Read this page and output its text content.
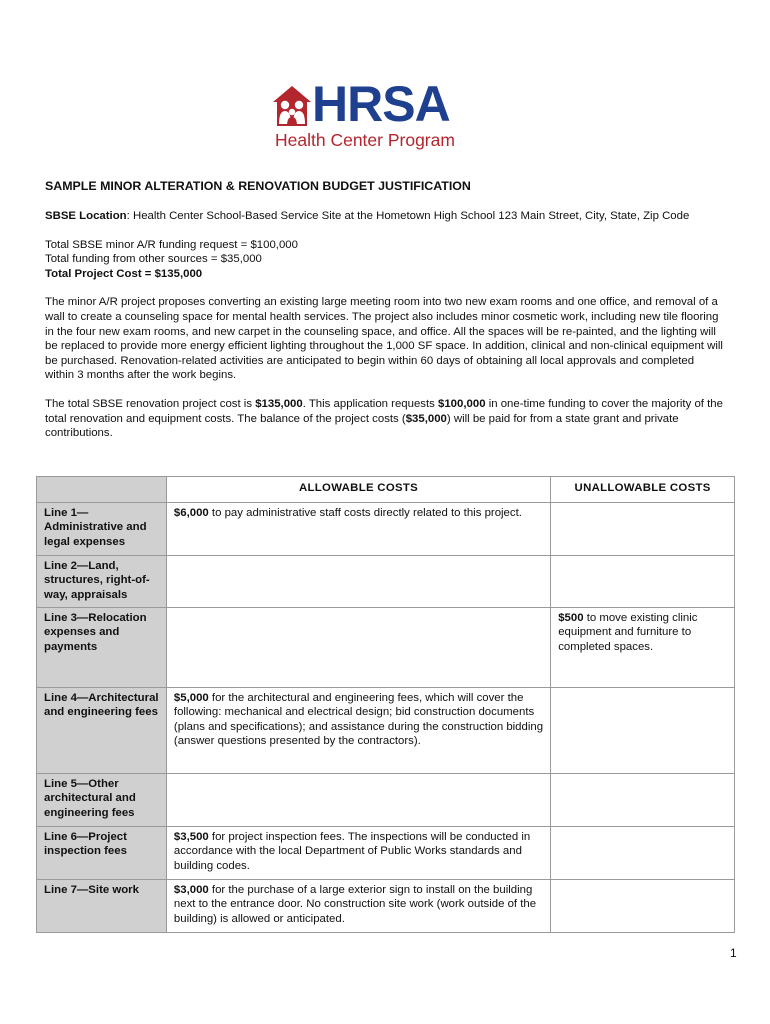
HRSA
Health Center Program
SAMPLE MINOR ALTERATION & RENOVATION BUDGET JUSTIFICATION

SBSE Location: Health Center School-Based Service Site at the Hometown High School 123 Main Street, City, State, Zip Code

Total SBSE minor A/R funding request = $100,000

Total funding from other sources = $35,000

Total Project Cost = $135,000

The minor A/R project proposes converting an existing large meeting room into two new exam rooms and one office, and removal of a wall to create a counseling space for mental health services. The project also includes minor cosmetic work, including new tile flooring in the four new exam rooms, and new carpet in the counseling space, and office. All the spaces will be re-painted, and the lighting will be replaced to provide more energy efficient lighting throughout the 1,000 SF space. In addition, clinical and non-clinical equipment will be purchased. Renovation-related activities are anticipated to begin within 60 days of obtaining all local approvals and completed within 3 months after the work begins.

The total SBSE renovation project cost is $135,000. This application requests $100,000 in one-time funding to cover the majority of the total renovation and equipment costs. The balance of the project costs ($35,000) will be paid for from a state grant and private contributions.

	ALLOWABLE COSTS	UNALLOWABLE COSTS
Line 1—Administrative and legal expenses	$6,000 to pay administrative staff costs directly related to this project.	
Line 2—Land, structures, right-of-way, appraisals		
Line 3—Relocation expenses and payments		$500 to move existing clinic equipment and furniture to completed spaces.
Line 4—Architectural and engineering fees	$5,000 for the architectural and engineering fees, which will cover the following: mechanical and electrical design; bid construction documents (plans and specifications); and assistance during the construction bidding (answer questions presented by the contractors).	
Line 5—Other architectural and engineering fees		
Line 6—Project inspection fees	$3,500 for project inspection fees. The inspections will be conducted in accordance with the local Department of Public Works standards and building codes.	
Line 7—Site work	$3,000 for the purchase of a large exterior sign to install on the building next to the entrance door. No construction site work (work outside of the building) is allowed or anticipated.	
1
